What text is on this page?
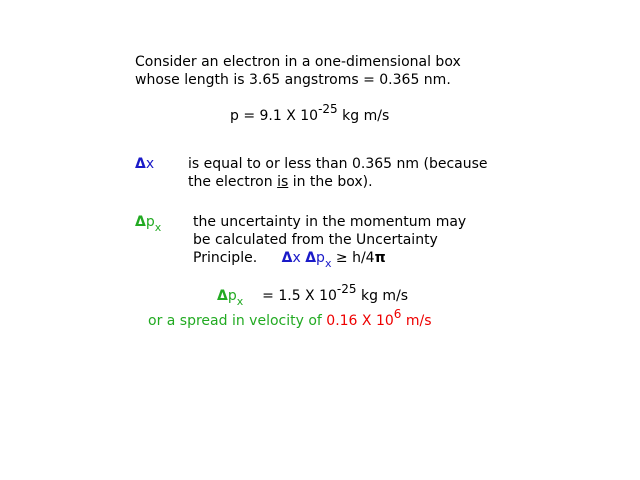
Consider an electron in a one-dimensional box
whose length is 3.65 angstroms = 0.365 nm.
p = 9.1 X 10-25 kg m/s
Δx is equal to or less than 0.365 nm (because
the electron is in the box).
$\Delta p_x$ the uncertainty in the momentum may
be calculated from the Uncertainty
Principle. Δx $\Delta p_x \ge h/4\pi$
$\Delta p_x = 1.5$ X 10-25 kg m/s
or a spread in velocity of 0.16 X 106 m/s
